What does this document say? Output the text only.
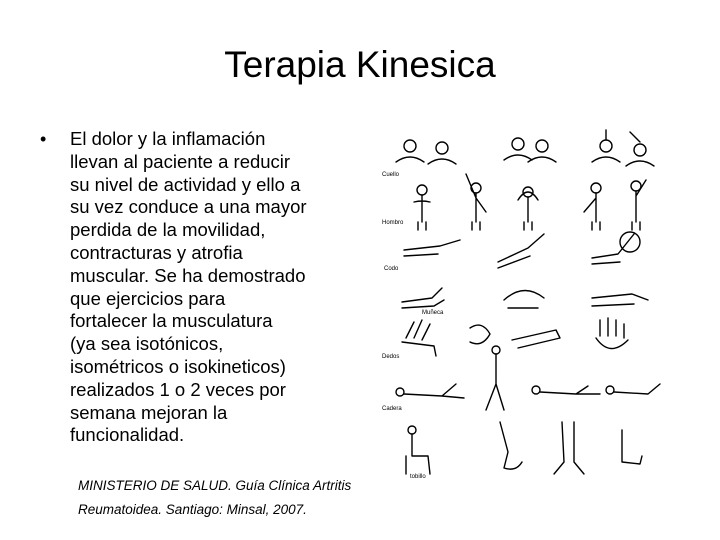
Terapia Kinesica
• El dolor y la inflamación
llevan al paciente a reducir
su nivel de actividad y ello a
su vez conduce a una mayor
perdida de la movilidad,
contracturas y atrofia
muscular. Se ha demostrado
que ejercicios para
fortalecer la musculatura
(ya sea isotónicos,
isométricos o isokineticos)
realizados 1 o 2 veces por
semana mejoran la
funcionalidad.
MINISTERIO DE SALUD. Guía Clínica Artritis
Reumatoidea. Santiago: Minsal, 2007.
Cuello
Hombro
Codo
Muñeca
Dedos
Cadera
tobillo
